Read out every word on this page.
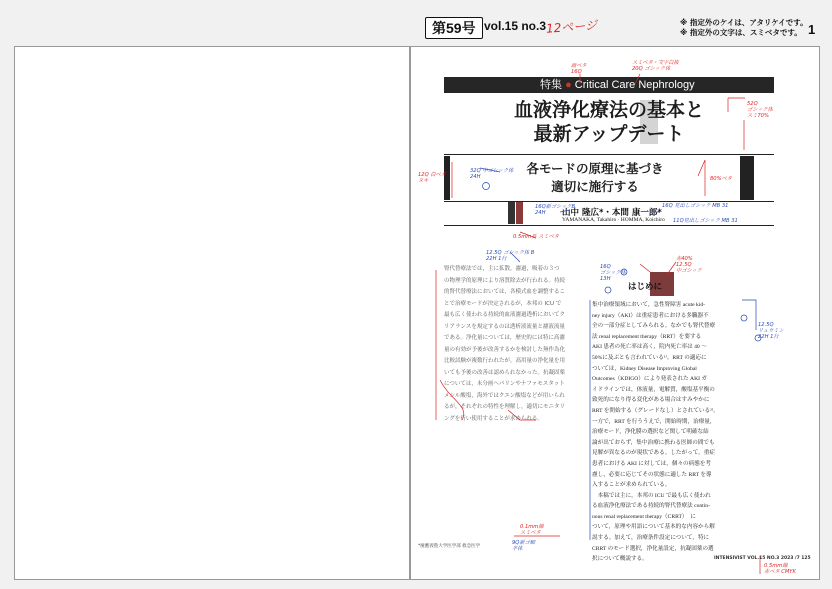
第59号 vol.15 no.3 12ページ	※ 指定外のケイは、アタリケイです。
※ 指定外の文字は、スミベタです。 1
特集 ● Critical Care Nephrology
血液浄化療法の基本と
最新アップデート
各モードの原理に基づき
適切に施行する
山中 隆広*・本間 康一郎*
YAMANAKA, Takahiro · HOMMA, Koichiro
腎代替療法では，主に拡散，濾過，吸着の３つ
の物理学的原理により溶質除去が行われる。持続
的腎代替療法においては，各模式血を調整するこ
とで治療モードが決定されるが，本邦の ICU で
最も広く使われる持続的血液濾過透析においてク
リアランスを規定するのは透析液流量と濾液流量
である。浄化量については，歴史的には特に高濾
量の有効が予後が改善するかを検討した無作為化
比較試験が複数行われたが，高用量の浄化量を用
いても予後の改善は認められなかった。抗凝固薬
については，未分画ヘパリンやナファモスタット
メシル酸塩，海外ではクエン酸塩などが用いられ
るが，それぞれの特性を理解し，適切にモニタリ
ングを行い使用することが求められる。
はじめに
集中治療領域において，急性腎障害 acute kid-
ney injury（AKI）は重症患者における多臓器不
全の一部分症としてみられる。なかでも腎代替療
法 renal replacement therapy（RRT）を要する
AKI 患者の死亡率は高く，院内死亡率は 40 ～
50%に及ぶとも言われている¹⁾。RRT の適応に
ついては，Kidney Disease Improving Global
Outcomes（KDIGO）により発表された AKI ガ
イドラインでは，体液量，電解質，酸塩基平衡の
致死的になり得る変化がある場合はすみやかに
RRT を開始する（グレードなし）とされている²⁾。
一方で，RRT を行ううえで，開始時期，治療量，
治療モード，浄化膜の選択など関して明確な結
論が出ておらず，集中治療に携わる医師の間でも
見解が異なるのが現状である。したがって，重症
患者における AKI に対しては，個々の病態を考
慮し，必要に応じてその状態に適した RRT を導
入することが求められている。
　本稿では主に，本邦の ICU で最も広く使われ
る血液浄化療法である持続的腎代替療法 contin-
uous renal replacement therapy（CRRT）　に
ついて，原理や用語について基本的な内容から解
説する。加えて，治療条件設定について，特に
CRRT のモード選択，浄化量設定，抗凝固薬の選
択について概説する。
*慶應義塾大学医学部 救急医学
INTENSIVIST VOL.15 NO.3 2023 /7 125
画ベタ
16Q
スミベタ・文字白抜
20Q ゴシック体
52Q
ゴシック体
スミ70%
12Q 白ベタ
ヌキ
32Q 中ゴシック体
24H	80%ベタ
16Q新ゴシックB
24H
16Q 見出しゴシック MB 31
11Q見出しゴシック MB 31
0.5mm長 スミベタ
12.5Q ゴシック体 B
22H 1行
16Q
ゴシック体
13H
赤40%
12.5Q
中ゴシック
12.5Q
リュウミン
22H 1行
0.1mm線
スミベタ
9Q新ゴ細
半体
0.5mm線
赤ベタ CMYK
